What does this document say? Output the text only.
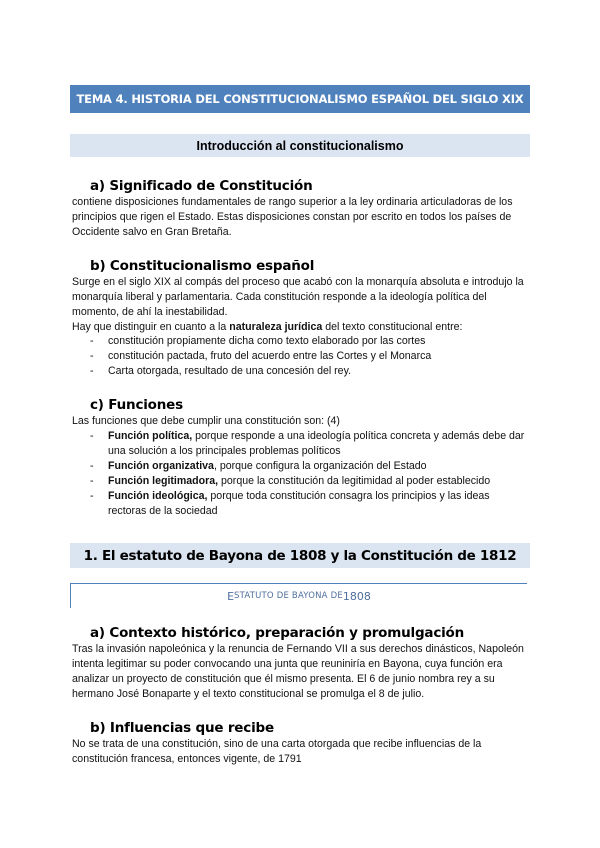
TEMA 4. HISTORIA DEL CONSTITUCIONALISMO ESPAÑOL DEL SIGLO XIX
Introducción al constitucionalismo
a) Significado de Constitución
contiene disposiciones fundamentales de rango superior a la ley ordinaria articuladoras de los principios que rigen el Estado. Estas disposiciones constan por escrito en todos los países de Occidente salvo en Gran Bretaña.
b) Constitucionalismo español
Surge en el siglo XIX al compás del proceso que acabó con la monarquía absoluta e introdujo la monarquía liberal y parlamentaria. Cada constitución responde a la ideología política del momento, de ahí la inestabilidad.
Hay que distinguir en cuanto a la naturaleza jurídica del texto constitucional entre:
- constitución propiamente dicha como texto elaborado por las cortes
- constitución pactada, fruto del acuerdo entre las Cortes y el Monarca
- Carta otorgada, resultado de una concesión del rey.
c) Funciones
Las funciones que debe cumplir una constitución son: (4)
- Función política, porque responde a una ideología política concreta y además debe dar una solución a los principales problemas políticos
- Función organizativa, porque configura la organización del Estado
- Función legitimadora, porque la constitución da legitimidad al poder establecido
- Función ideológica, porque toda constitución consagra los principios y las ideas rectoras de la sociedad
1. El estatuto de Bayona de 1808 y la Constitución de 1812
E STATUTO DE BAYONA DE 1808
a) Contexto histórico, preparación y promulgación
Tras la invasión napoleónica y la renuncia de Fernando VII a sus derechos dinásticos, Napoleón intenta legitimar su poder convocando una junta que reuniniría en Bayona, cuya función era analizar un proyecto de constitución que él mismo presenta. El 6 de junio nombra rey a su hermano José Bonaparte y el texto constitucional se promulga el 8 de julio.
b) Influencias que recibe
No se trata de una constitución, sino de una carta otorgada que recibe influencias de la constitución francesa, entonces vigente, de 1791
